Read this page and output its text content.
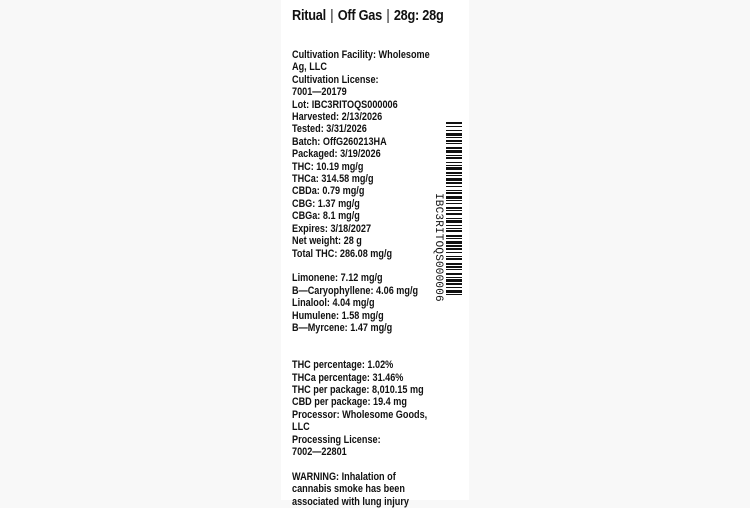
Ritual | Off Gas | 28g: 28g
Cultivation Facility: Wholesome
Ag, LLC
Cultivation License:
7001—20179
Lot: IBC3RITOQS000006
Harvested: 2/13/2026
Tested: 3/31/2026
Batch: OffG260213HA
Packaged: 3/19/2026
THC: 10.19 mg/g
THCa: 314.58 mg/g
CBDa: 0.79 mg/g
CBG: 1.37 mg/g
CBGa: 8.1 mg/g
Expires: 3/18/2027
Net weight: 28 g
Total THC: 286.08 mg/g
Limonene: 7.12 mg/g
B—Caryophyllene: 4.06 mg/g
Linalool: 4.04 mg/g
Humulene: 1.58 mg/g
B—Myrcene: 1.47 mg/g
THC percentage: 1.02%
THCa percentage: 31.46%
THC per package: 8,010.15 mg
CBD per package: 19.4 mg
Processor: Wholesome Goods,
LLC
Processing License:
7002—22801
WARNING: Inhalation of
cannabis smoke has been
associated with lung injury
IBC3RITOQS000006
